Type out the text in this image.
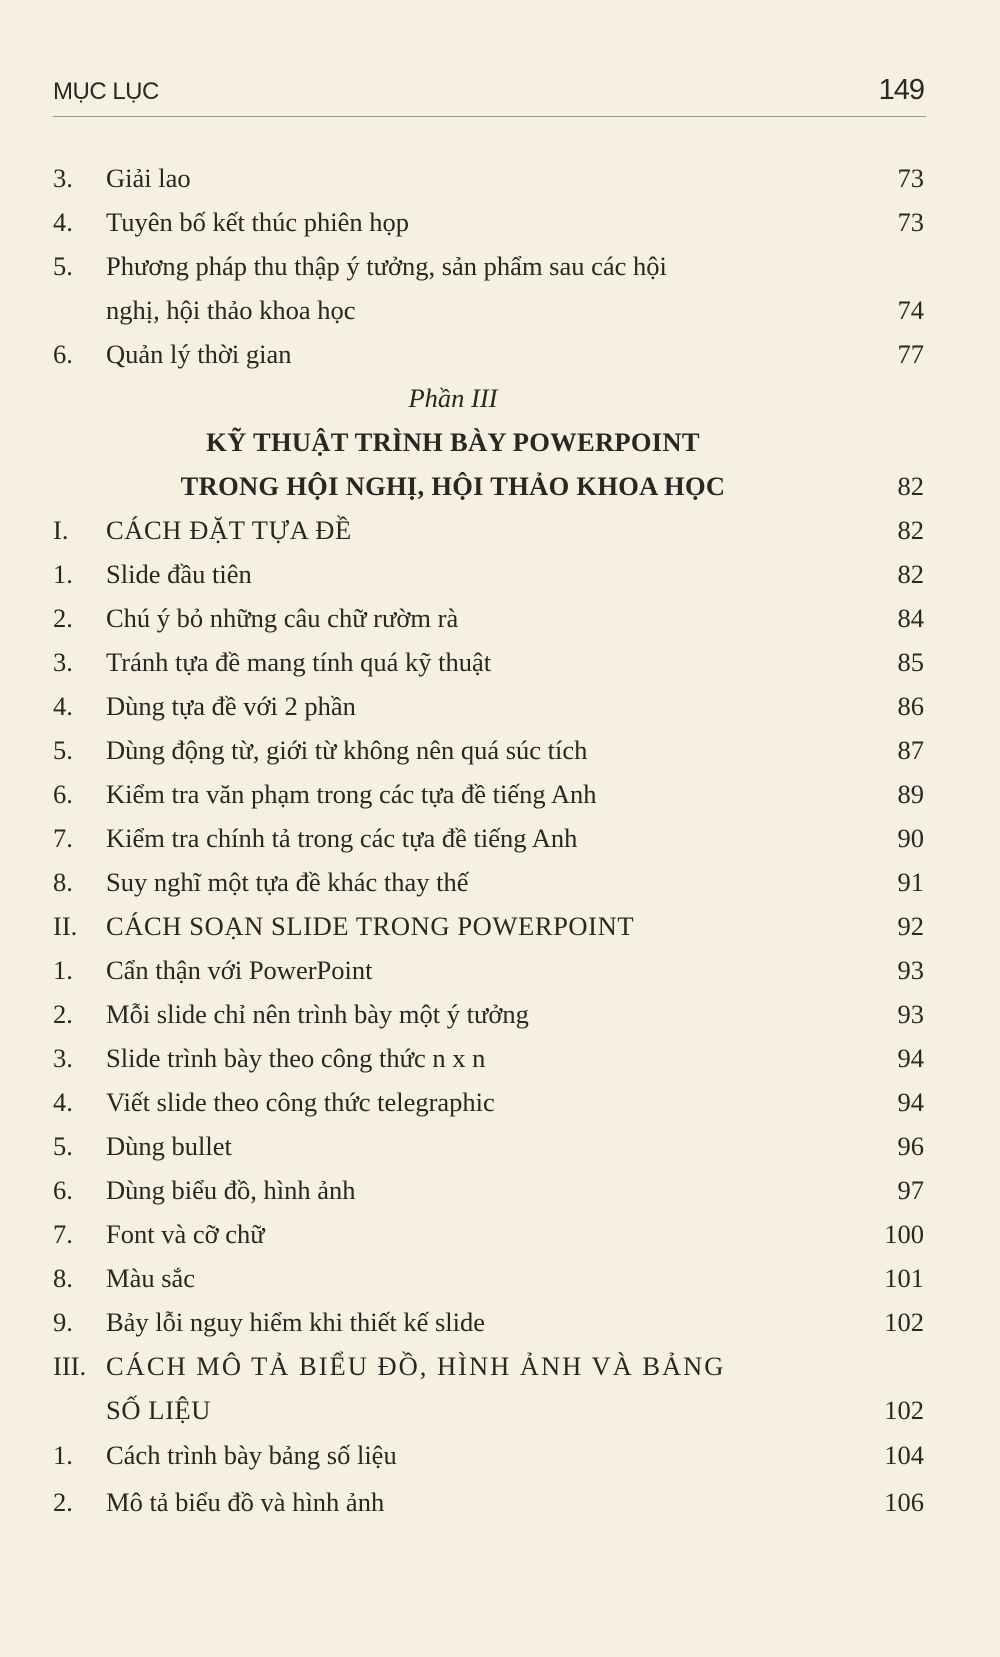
MỤC LỤC	149
3. Giải lao	73
4. Tuyên bố kết thúc phiên họp	73
5. Phương pháp thu thập ý tưởng, sản phẩm sau các hội
nghị, hội thảo khoa học	74
6. Quản lý thời gian	77
Phần III
KỸ THUẬT TRÌNH BÀY POWERPOINT
TRONG HỘI NGHỊ, HỘI THẢO KHOA HỌC	82
I. CÁCH ĐẶT TỰA ĐỀ	82
1. Slide đầu tiên	82
2. Chú ý bỏ những câu chữ rườm rà	84
3. Tránh tựa đề mang tính quá kỹ thuật	85
4. Dùng tựa đề với 2 phần	86
5. Dùng động từ, giới từ không nên quá súc tích	87
6. Kiểm tra văn phạm trong các tựa đề tiếng Anh	89
7. Kiểm tra chính tả trong các tựa đề tiếng Anh	90
8. Suy nghĩ một tựa đề khác thay thế	91
II. CÁCH SOẠN SLIDE TRONG POWERPOINT	92
1. Cẩn thận với PowerPoint	93
2. Mỗi slide chỉ nên trình bày một ý tưởng	93
3. Slide trình bày theo công thức n x n	94
4. Viết slide theo công thức telegraphic	94
5. Dùng bullet	96
6. Dùng biểu đồ, hình ảnh	97
7. Font và cỡ chữ	100
8. Màu sắc	101
9. Bảy lỗi nguy hiểm khi thiết kế slide	102
III. CÁCH MÔ TẢ BIỂU ĐỒ, HÌNH ẢNH VÀ BẢNG
SỐ LIỆU	102
1. Cách trình bày bảng số liệu	104
2. Mô tả biểu đồ và hình ảnh	106
